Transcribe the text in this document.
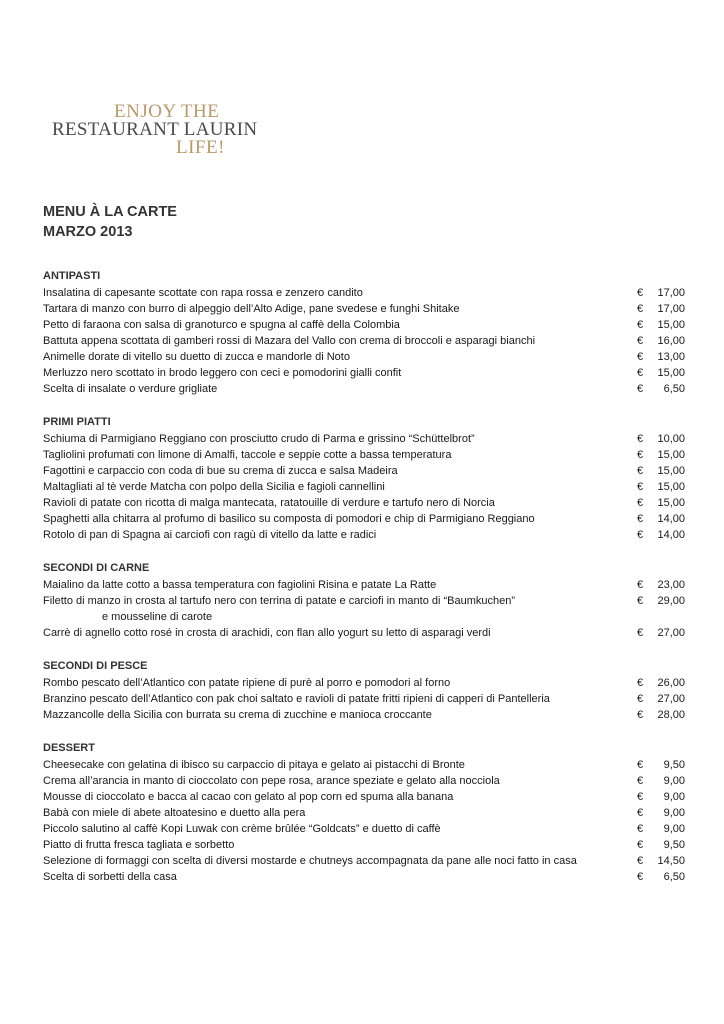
ENJOY THE
RESTAURANT LAURIN
LIFE!
MENU À LA CARTE
MARZO 2013
ANTIPASTI
Insalatina di capesante scottate con rapa rossa e zenzero candito	€ 17,00
Tartara di manzo con burro di alpeggio dell’Alto Adige, pane svedese e funghi Shitake	€ 17,00
Petto di faraona con salsa di granoturco e spugna al caffè della Colombia	€ 15,00
Battuta appena scottata di gamberi rossi di Mazara del Vallo con crema di broccoli e asparagi bianchi	€ 16,00
Animelle dorate di vitello su duetto di zucca e mandorle di Noto	€ 13,00
Merluzzo nero scottato in brodo leggero con ceci e pomodorini gialli confit	€ 15,00
Scelta di insalate o verdure grigliate	€ 6,50
PRIMI PIATTI
Schiuma di Parmigiano Reggiano con prosciutto crudo di Parma e grissino “Schüttelbrot”	€ 10,00
Tagliolini profumati con limone di Amalfi, taccole e seppie cotte a bassa temperatura	€ 15,00
Fagottini e carpaccio con coda di bue su crema di zucca e salsa Madeira	€ 15,00
Maltagliati al tè verde Matcha con polpo della Sicilia e fagioli cannellini	€ 15,00
Ravioli di patate con ricotta di malga mantecata, ratatouille di verdure e tartufo nero di Norcia	€ 15,00
Spaghetti alla chitarra al profumo di basilico su composta di pomodori e chip di Parmigiano Reggiano	€ 14,00
Rotolo di pan di Spagna ai carciofi con ragù di vitello da latte e radici	€ 14,00
SECONDI DI CARNE
Maialino da latte cotto a bassa temperatura con fagiolini Risina e patate La Ratte	€ 23,00
Filetto di manzo in crosta al tartufo nero con terrina di patate e carciofi in manto di “Baumkuchen”
e mousseline di carote
€ 29,00
Carrè di agnello cotto rosé in crosta di arachidi, con flan allo yogurt su letto di asparagi verdi	€ 27,00
SECONDI DI PESCE
Rombo pescato dell’Atlantico con patate ripiene di purè al porro e pomodori al forno	€ 26,00
Branzino pescato dell’Atlantico con pak choi saltato e ravioli di patate fritti ripieni di capperi di Pantelleria	€ 27,00
Mazzancolle della Sicilia con burrata su crema di zucchine e manioca croccante	€ 28,00
DESSERT
Cheesecake con gelatina di ibisco su carpaccio di pitaya e gelato ai pistacchi di Bronte	€ 9,50
Crema all’arancia in manto di cioccolato con pepe rosa, arance speziate e gelato alla nocciola	€ 9,00
Mousse di cioccolato e bacca al cacao con gelato al pop corn ed spuma alla banana	€ 9,00
Babà con miele di abete altoatesino e duetto alla pera	€ 9,00
Piccolo salutino al caffè Kopi Luwak con crème brûlée “Goldcats” e duetto di caffè	€ 9,00
Piatto di frutta fresca tagliata e sorbetto	€ 9,50
Selezione di formaggi con scelta di diversi mostarde e chutneys accompagnata da pane alle noci fatto in casa	€ 14,50
Scelta di sorbetti della casa	€ 6,50
